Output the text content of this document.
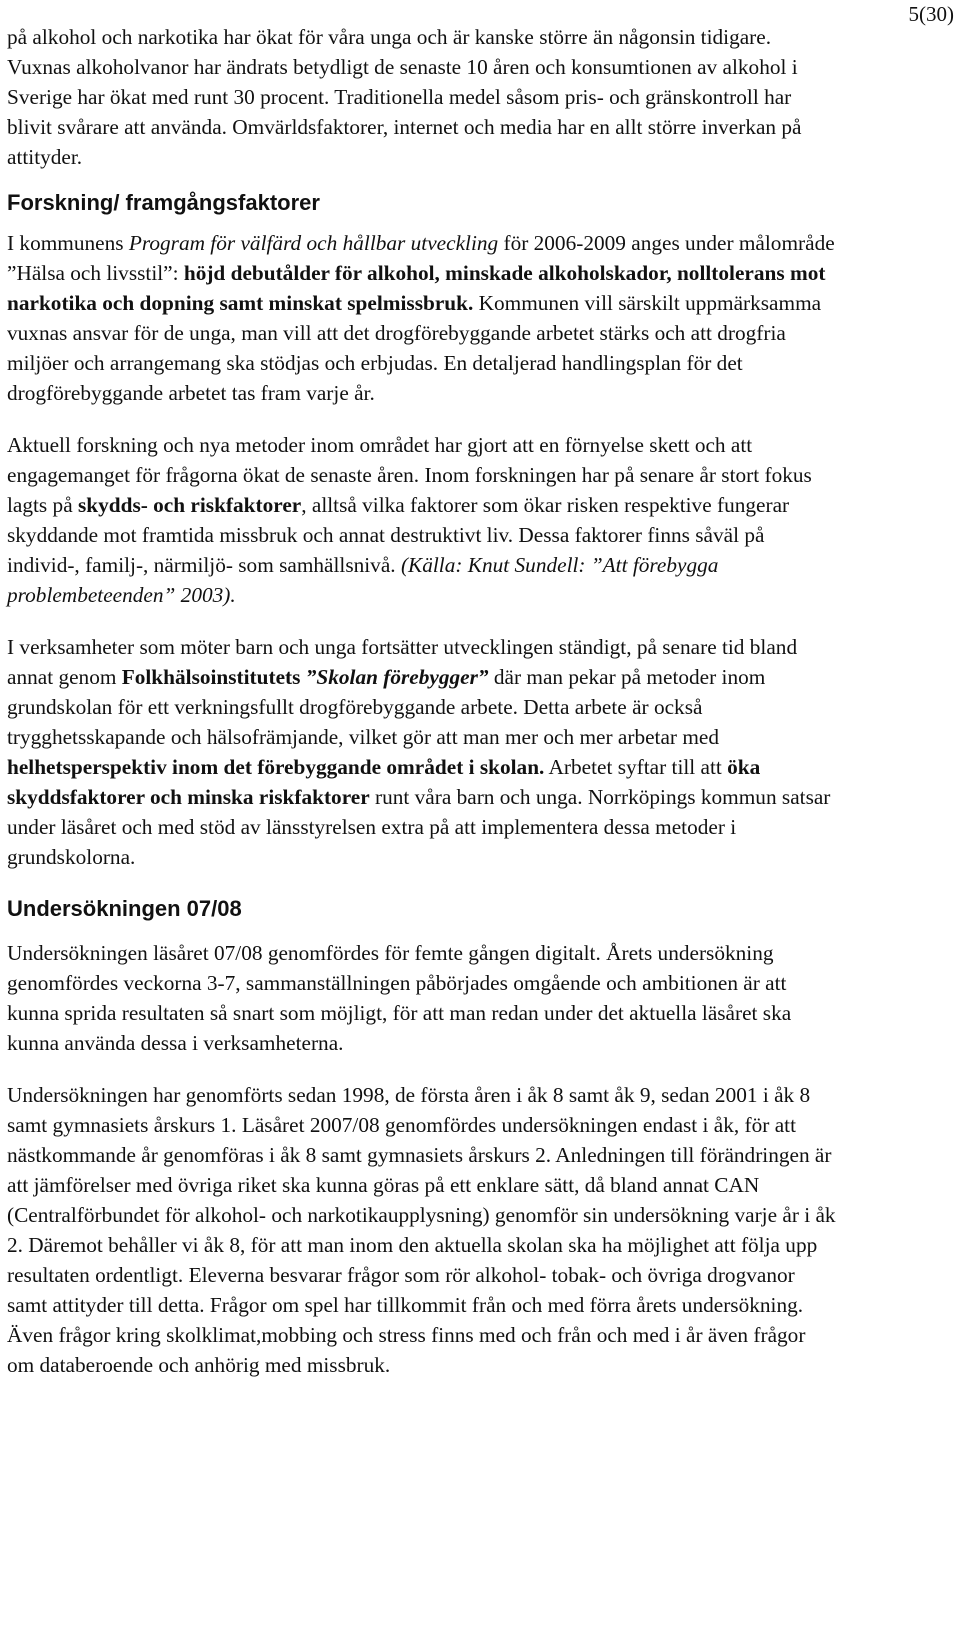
5(30)

på alkohol och narkotika har ökat för våra unga och är kanske större än någonsin tidigare. Vuxnas alkoholvanor har ändrats betydligt de senaste 10 åren och konsumtionen av alkohol i Sverige har ökat med runt 30 procent. Traditionella medel såsom pris- och gränskontroll har blivit svårare att använda. Omvärldsfaktorer, internet och media har en allt större inverkan på attityder.

Forskning/ framgångsfaktorer

I kommunens Program för välfärd och hållbar utveckling för 2006-2009 anges under målområde ”Hälsa och livsstil”: höjd debutålder för alkohol, minskade alkoholskador, nolltolerans mot narkotika och dopning samt minskat spelmissbruk. Kommunen vill särskilt uppmärksamma vuxnas ansvar för de unga, man vill att det drogförebyggande arbetet stärks och att drogfria miljöer och arrangemang ska stödjas och erbjudas. En detaljerad handlingsplan för det drogförebyggande arbetet tas fram varje år.

Aktuell forskning och nya metoder inom området har gjort att en förnyelse skett och att engagemanget för frågorna ökat de senaste åren. Inom forskningen har på senare år stort fokus lagts på skydds- och riskfaktorer, alltså vilka faktorer som ökar risken respektive fungerar skyddande mot framtida missbruk och annat destruktivt liv. Dessa faktorer finns såväl på individ-, familj-, närmiljö- som samhällsnivå. (Källa: Knut Sundell: ”Att förebygga problembeteenden” 2003).

I verksamheter som möter barn och unga fortsätter utvecklingen ständigt, på senare tid bland annat genom Folkhälsoinstitutets ”Skolan förebygger” där man pekar på metoder inom grundskolan för ett verkningsfullt drogförebyggande arbete. Detta arbete är också trygghetsskapande och hälsofrämjande, vilket gör att man mer och mer arbetar med helhetsperspektiv inom det förebyggande området i skolan. Arbetet syftar till att öka skyddsfaktorer och minska riskfaktorer runt våra barn och unga. Norrköpings kommun satsar under läsåret och med stöd av länsstyrelsen extra på att implementera dessa metoder i grundskolorna.

Undersökningen 07/08

Undersökningen läsåret 07/08 genomfördes för femte gången digitalt. Årets undersökning genomfördes veckorna 3-7, sammanställningen påbörjades omgående och ambitionen är att kunna sprida resultaten så snart som möjligt, för att man redan under det aktuella läsåret ska kunna använda dessa i verksamheterna.

Undersökningen har genomförts sedan 1998, de första åren i åk 8 samt åk 9, sedan 2001 i åk 8 samt gymnasiets årskurs 1. Läsåret 2007/08 genomfördes undersökningen endast i åk, för att nästkommande år genomföras i åk 8 samt gymnasiets årskurs 2. Anledningen till förändringen är att jämförelser med övriga riket ska kunna göras på ett enklare sätt, då bland annat CAN (Centralförbundet för alkohol- och narkotikaupplysning) genomför sin undersökning varje år i åk 2. Däremot behåller vi åk 8, för att man inom den aktuella skolan ska ha möjlighet att följa upp resultaten ordentligt. Eleverna besvarar frågor som rör alkohol- tobak- och övriga drogvanor samt attityder till detta. Frågor om spel har tillkommit från och med förra årets undersökning. Även frågor kring skolklimat,mobbing och stress finns med och från och med i år även frågor om databeroende och anhörig med missbruk.
